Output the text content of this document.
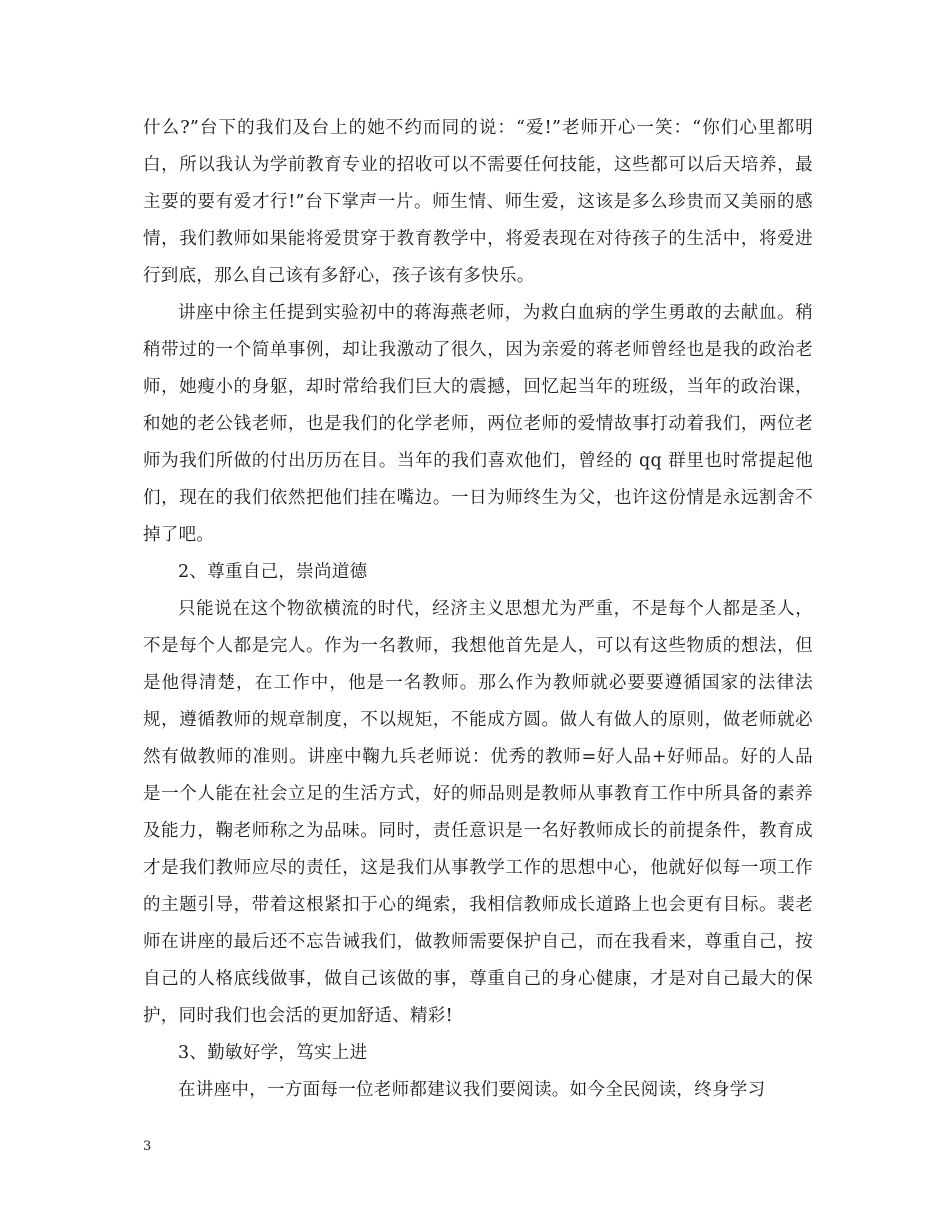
什么?”台下的我们及台上的她不约而同的说：“爱!”老师开心一笑：“你们心里都明白，所以我认为学前教育专业的招收可以不需要任何技能，这些都可以后天培养，最主要的要有爱才行!”台下掌声一片。师生情、师生爱，这该是多么珍贵而又美丽的感情，我们教师如果能将爱贯穿于教育教学中，将爱表现在对待孩子的生活中，将爱进行到底，那么自己该有多舒心，孩子该有多快乐。

讲座中徐主任提到实验初中的蒋海燕老师，为救白血病的学生勇敢的去献血。稍稍带过的一个简单事例，却让我激动了很久，因为亲爱的蒋老师曾经也是我的政治老师，她瘦小的身躯，却时常给我们巨大的震撼，回忆起当年的班级，当年的政治课，和她的老公钱老师，也是我们的化学老师，两位老师的爱情故事打动着我们，两位老师为我们所做的付出历历在目。当年的我们喜欢他们，曾经的 qq 群里也时常提起他们，现在的我们依然把他们挂在嘴边。一日为师终生为父，也许这份情是永远割舍不掉了吧。

2、尊重自己，崇尚道德

只能说在这个物欲横流的时代，经济主义思想尤为严重，不是每个人都是圣人，不是每个人都是完人。作为一名教师，我想他首先是人，可以有这些物质的想法，但是他得清楚，在工作中，他是一名教师。那么作为教师就必要要遵循国家的法律法规，遵循教师的规章制度，不以规矩，不能成方圆。做人有做人的原则，做老师就必然有做教师的准则。讲座中鞠九兵老师说：优秀的教师=好人品+好师品。好的人品是一个人能在社会立足的生活方式，好的师品则是教师从事教育工作中所具备的素养及能力，鞠老师称之为品味。同时，责任意识是一名好教师成长的前提条件，教育成才是我们教师应尽的责任，这是我们从事教学工作的思想中心，他就好似每一项工作的主题引导，带着这根紧扣于心的绳索，我相信教师成长道路上也会更有目标。裴老师在讲座的最后还不忘告诫我们，做教师需要保护自己，而在我看来，尊重自己，按自己的人格底线做事，做自己该做的事，尊重自己的身心健康，才是对自己最大的保护，同时我们也会活的更加舒适、精彩!

3、勤敏好学，笃实上进

在讲座中，一方面每一位老师都建议我们要阅读。如今全民阅读，终身学习

3
